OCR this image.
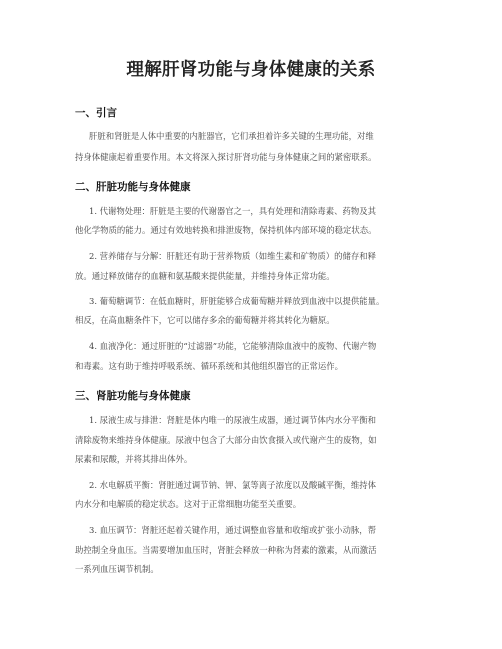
理解肝肾功能与身体健康的关系
一、引言

肝脏和肾脏是人体中重要的内脏器官，它们承担着许多关键的生理功能，对维

持身体健康起着重要作用。本文将深入探讨肝肾功能与身体健康之间的紧密联系。

二、肝脏功能与身体健康

1. 代谢物处理：肝脏是主要的代谢器官之一，具有处理和清除毒素、药物及其

他化学物质的能力。通过有效地转换和排泄废物，保持机体内部环境的稳定状态。

2. 营养储存与分解：肝脏还有助于营养物质（如维生素和矿物质）的储存和释

放。通过释放储存的血糖和氨基酸来提供能量，并维持身体正常功能。

3. 葡萄糖调节：在低血糖时，肝脏能够合成葡萄糖并释放到血液中以提供能量。

相反，在高血糖条件下，它可以储存多余的葡萄糖并将其转化为糖原。

4. 血液净化：通过肝脏的“过滤器”功能，它能够清除血液中的废物、代谢产物

和毒素。这有助于维持呼吸系统、循环系统和其他组织器官的正常运作。

三、肾脏功能与身体健康

1. 尿液生成与排泄：肾脏是体内唯一的尿液生成器，通过调节体内水分平衡和

清除废物来维持身体健康。尿液中包含了大部分由饮食摄入或代谢产生的废物，如

尿素和尿酸，并将其排出体外。

2. 水电解质平衡：肾脏通过调节钠、钾、氯等离子浓度以及酸碱平衡，维持体

内水分和电解质的稳定状态。这对于正常细胞功能至关重要。

3. 血压调节：肾脏还起着关键作用，通过调整血容量和收缩或扩张小动脉，帮

助控制全身血压。当需要增加血压时，肾脏会释放一种称为肾素的激素，从而激活

一系列血压调节机制。
